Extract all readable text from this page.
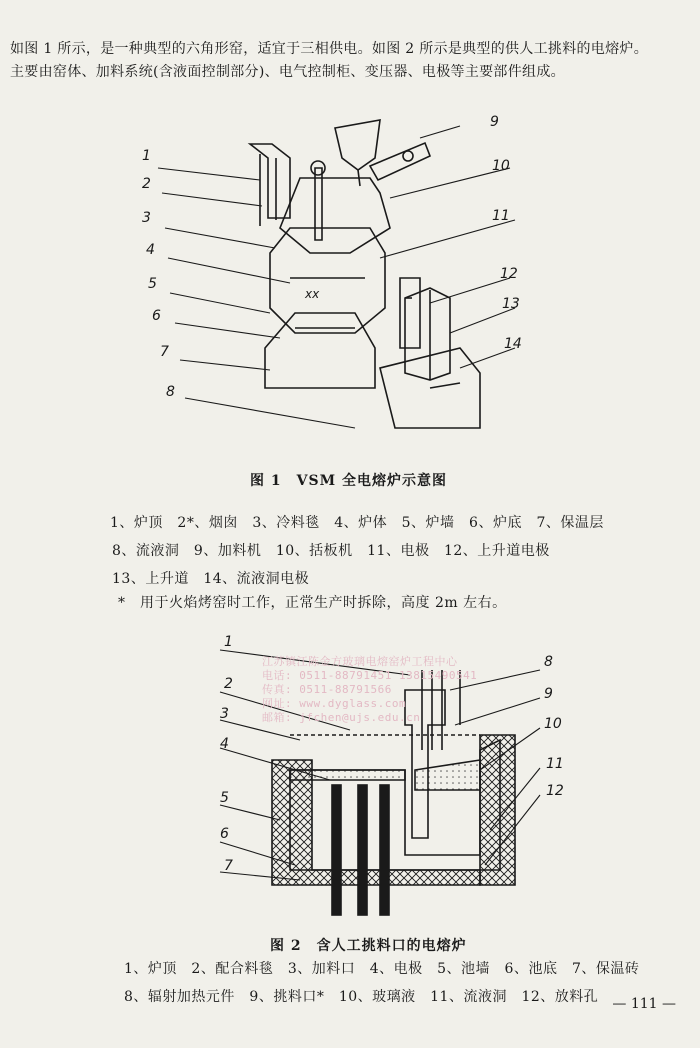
如图 1 所示，是一种典型的六角形窑，适宜于三相供电。如图 2 所示是典型的供人工挑料的电熔炉。主要由窑体、加料系统(含液面控制部分)、电气控制柜、变压器、电极等主要部件组成。

xx
1
2
3
4
5
6
7
8
9
10
11
12
13
14
图 1　VSM 全电熔炉示意图
1、炉顶　2*、烟囱　3、冷料毯　4、炉体　5、炉墙　6、炉底　7、保温层
8、流液洞　9、加料机　10、括板机　11、电极　12、上升道电极
13、上升道　14、流液洞电极
*　用于火焰烤窑时工作，正常生产时拆除，高度 2m 左右。
1
2
3
4
5
6
7
8
9
10
11
12
江苏镇江陈金方玻璃电熔窑炉工程中心
电话: 0511-88791451 13815490541
传真: 0511-88791566
网址: www.dyglass.com
邮箱: jfchen@ujs.edu.cn
图 2　含人工挑料口的电熔炉
1、炉顶　2、配合料毯　3、加料口　4、电极　5、池墙　6、池底　7、保温砖
8、辐射加热元件　9、挑料口*　10、玻璃液　11、流液洞　12、放料孔 — 111 —
